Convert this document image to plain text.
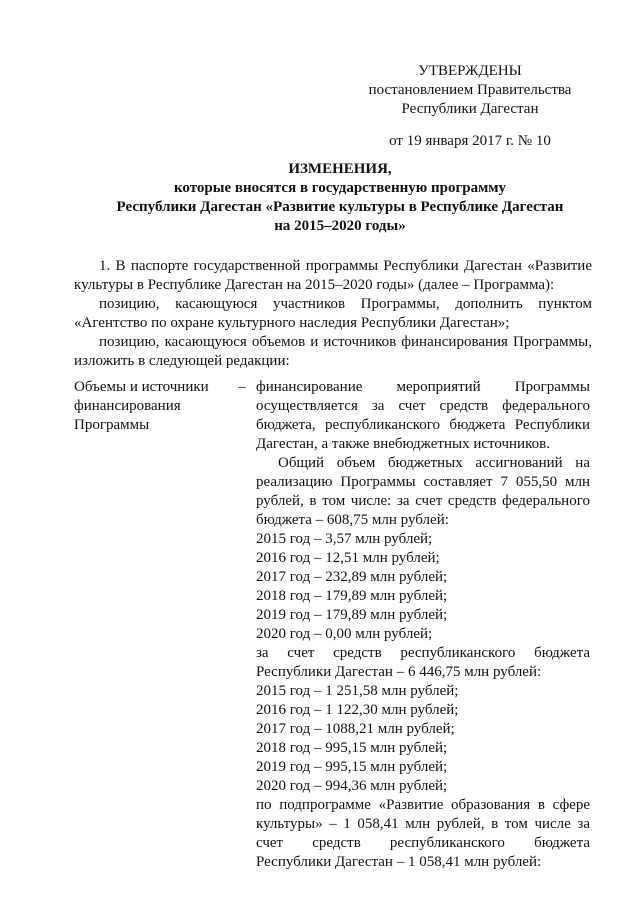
УТВЕРЖДЕНЫ
постановлением Правительства
Республики Дагестан
от 19 января 2017 г. № 10
ИЗМЕНЕНИЯ,
которые вносятся в государственную программу
Республики Дагестан «Развитие культуры в Республике Дагестан
на 2015–2020 годы»

1. В паспорте государственной программы Республики Дагестан «Развитие культуры в Республике Дагестан на 2015–2020 годы» (далее – Программа):

позицию, касающуюся участников Программы, дополнить пунктом «Агентство по охране культурного наследия Республики Дагестан»;

позицию, касающуюся объемов и источников финансирования Программы, изложить в следующей редакции:

Объемы и источники
финансирования
Программы
– финансирование мероприятий Программы осуществляется за счет средств федерального бюджета, республиканского бюджета Республики Дагестан, а также внебюджетных источников.

Общий объем бюджетных ассигнований на реализацию Программы составляет 7 055,50 млн рублей, в том числе: за счет средств федерального бюджета – 608,75 млн рублей:

2015 год – 3,57 млн рублей;
2016 год – 12,51 млн рублей;
2017 год – 232,89 млн рублей;
2018 год – 179,89 млн рублей;
2019 год – 179,89 млн рублей;
2020 год – 0,00 млн рублей;

за счет средств республиканского бюджета Республики Дагестан – 6 446,75 млн рублей:

2015 год – 1 251,58 млн рублей;
2016 год – 1 122,30 млн рублей;
2017 год – 1088,21 млн рублей;
2018 год – 995,15 млн рублей;
2019 год – 995,15 млн рублей;
2020 год – 994,36 млн рублей;

по подпрограмме «Развитие образования в сфере культуры» – 1 058,41 млн рублей, в том числе за счет средств республиканского бюджета Республики Дагестан – 1 058,41 млн рублей:
